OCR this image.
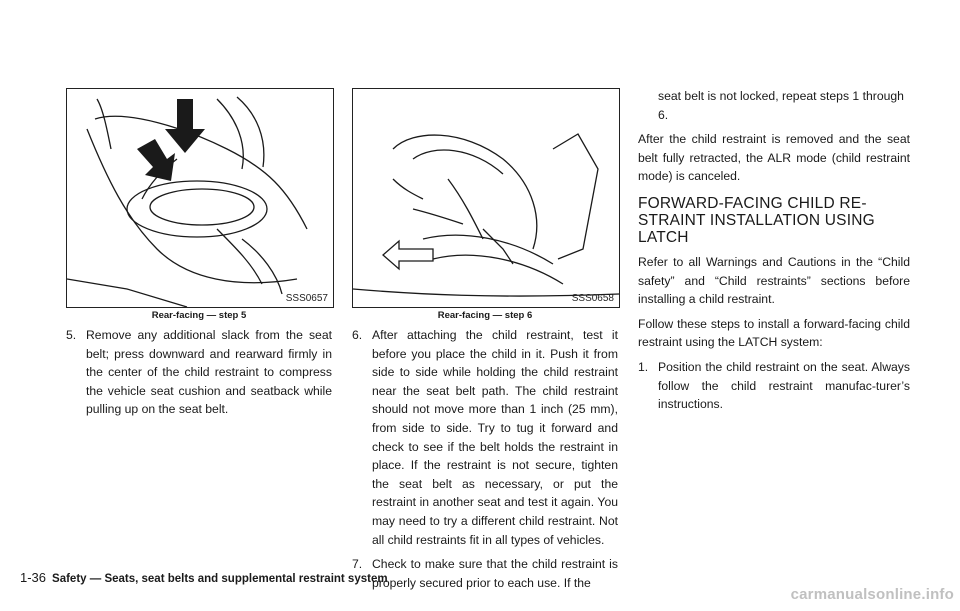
SSS0657
Rear-facing — step 5
SSS0658
Rear-facing — step 6
5. Remove any additional slack from the seat belt; press downward and rearward firmly in the center of the child restraint to compress the vehicle seat cushion and seatback while pulling up on the seat belt.
6. After attaching the child restraint, test it before you place the child in it. Push it from side to side while holding the child restraint near the seat belt path. The child restraint should not move more than 1 inch (25 mm), from side to side. Try to tug it forward and check to see if the belt holds the restraint in place. If the restraint is not secure, tighten the seat belt as necessary, or put the restraint in another seat and test it again. You may need to try a different child restraint. Not all child restraints fit in all types of vehicles.
7. Check to make sure that the child restraint is properly secured prior to each use. If the
seat belt is not locked, repeat steps 1 through 6.

After the child restraint is removed and the seat belt fully retracted, the ALR mode (child restraint mode) is canceled.

FORWARD-FACING CHILD RE-STRAINT INSTALLATION USING LATCH

Refer to all Warnings and Cautions in the “Child safety” and “Child restraints” sections before installing a child restraint.

Follow these steps to install a forward-facing child restraint using the LATCH system:

1. Position the child restraint on the seat. Always follow the child restraint manufac-turer’s instructions.
1-36 Safety — Seats, seat belts and supplemental restraint system
carmanualsonline.info
